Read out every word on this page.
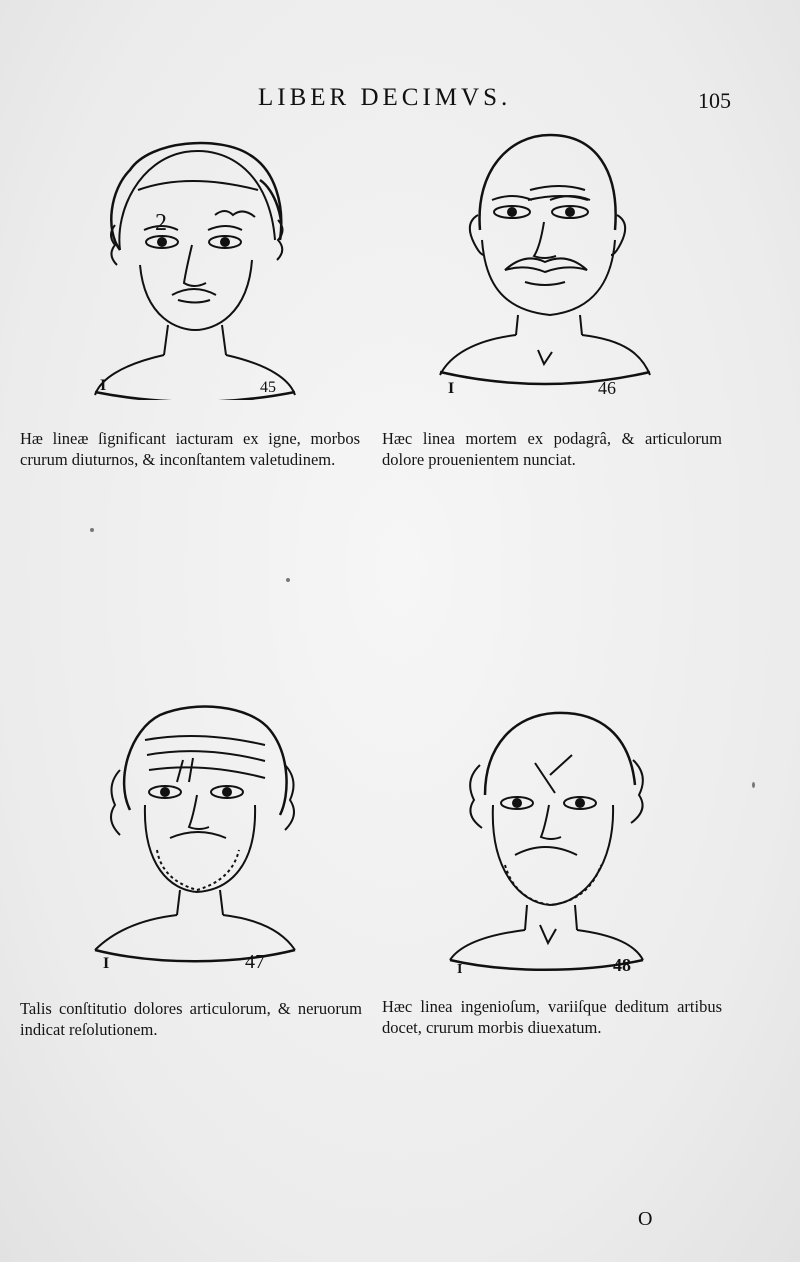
LIBER DECIMVS.	105
2
I	45	I	46
Hæ lineæ ſignificant iacturam ex igne, morbos crurum diuturnos, & inconſtantem valetudinem.
Hæc linea mortem ex podagrâ, & articulorum dolore prouenientem nunciat.
I	47	I	48
Talis conſtitutio dolores articulorum, & neruorum indicat reſolutionem.
Hæc linea ingenioſum, variiſque deditum artibus docet, crurum morbis diuexatum.
O
